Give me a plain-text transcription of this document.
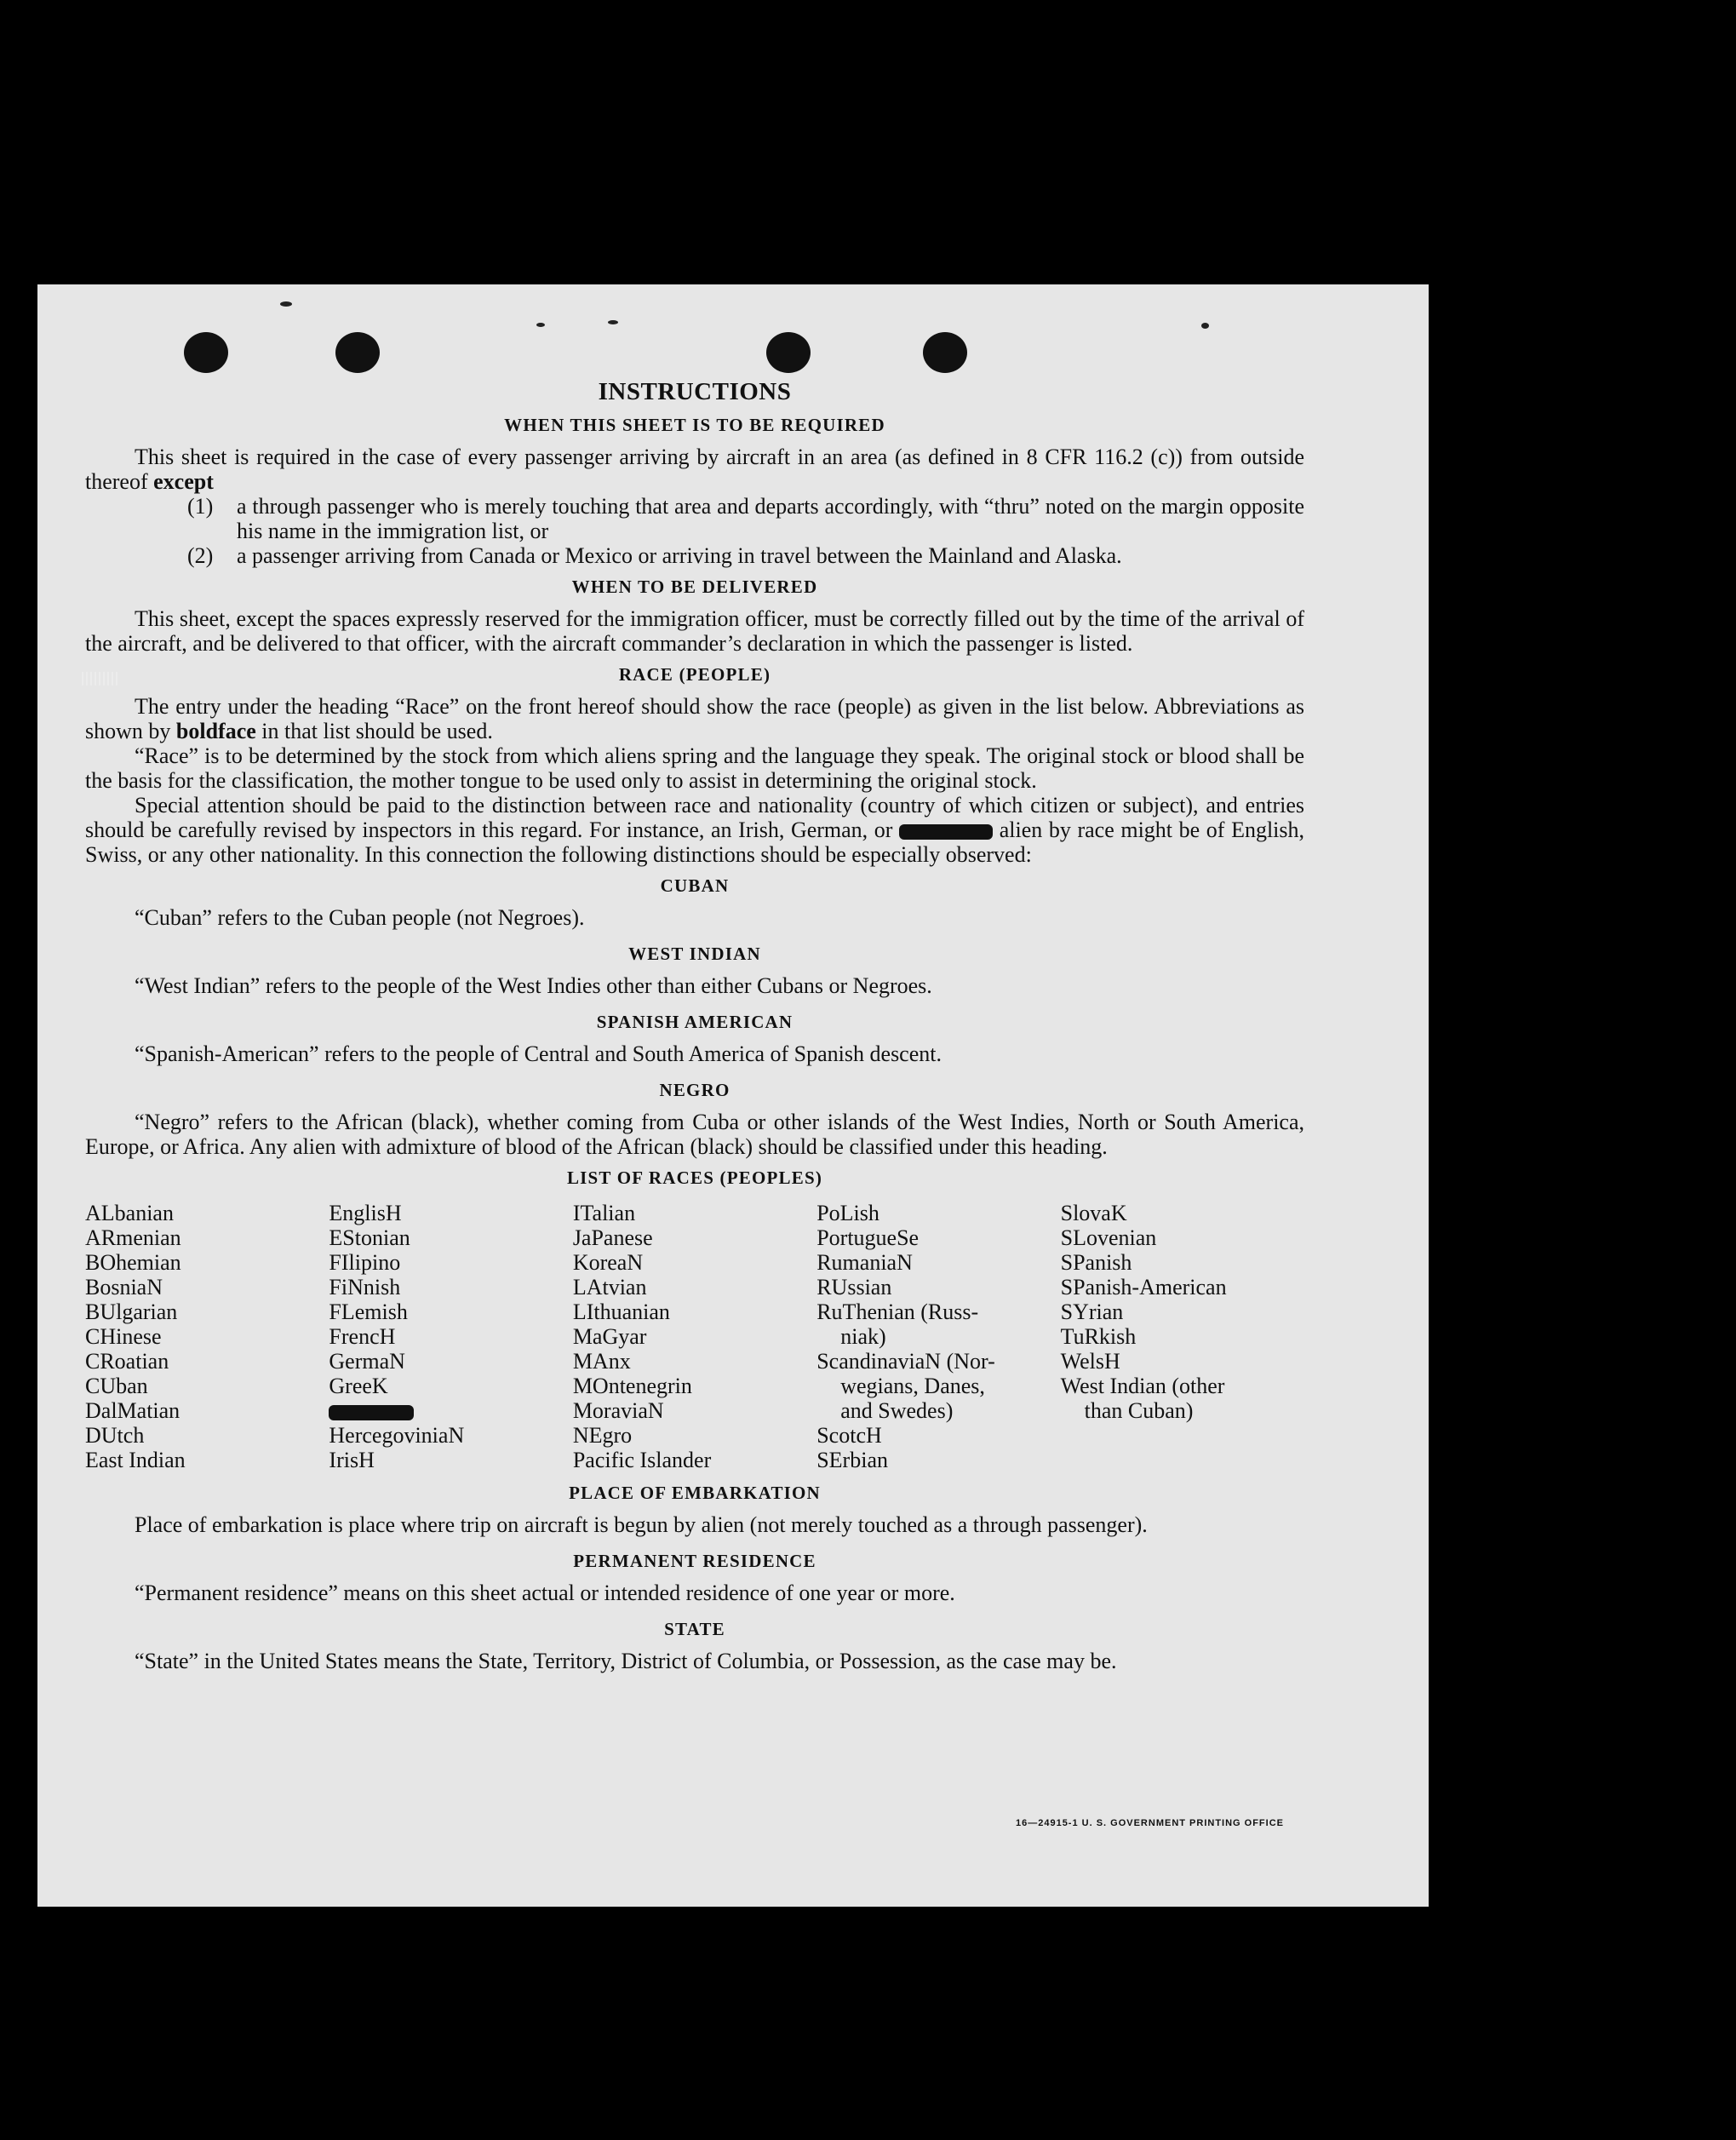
INSTRUCTIONS
WHEN THIS SHEET IS TO BE REQUIRED

This sheet is required in the case of every passenger arriving by aircraft in an area (as defined in 8 CFR 116.2 (c)) from outside thereof except

(1) a through passenger who is merely touching that area and departs accordingly, with “thru” noted on the margin opposite his name in the immigration list, or

(2) a passenger arriving from Canada or Mexico or arriving in travel between the Mainland and Alaska.

WHEN TO BE DELIVERED

This sheet, except the spaces expressly reserved for the immigration officer, must be correctly filled out by the time of the arrival of the aircraft, and be delivered to that officer, with the aircraft commander’s declaration in which the passenger is listed.

RACE (PEOPLE)

The entry under the heading “Race” on the front hereof should show the race (people) as given in the list below. Abbreviations as shown by boldface in that list should be used.

“Race” is to be determined by the stock from which aliens spring and the language they speak. The original stock or blood shall be the basis for the classification, the mother tongue to be used only to assist in determining the original stock.

Special attention should be paid to the distinction between race and nationality (country of which citizen or subject), and entries should be carefully revised by inspectors in this regard. For instance, an Irish, German, or	alien by race might be of English, Swiss, or any other nationality. In this connection the following distinctions should be especially observed:

CUBAN

“Cuban” refers to the Cuban people (not Negroes).

WEST INDIAN

“West Indian” refers to the people of the West Indies other than either Cubans or Negroes.

SPANISH AMERICAN

“Spanish-American” refers to the people of Central and South America of Spanish descent.

NEGRO

“Negro” refers to the African (black), whether coming from Cuba or other islands of the West Indies, North or South America, Europe, or Africa. Any alien with admixture of blood of the African (black) should be classified under this heading.

LIST OF RACES (PEOPLES)
ALbanian
ARmenian
BOhemian
BosniaN
BUlgarian
CHinese
CRoatian
CUban
DalMatian
DUtch
East Indian
EnglisH
EStonian
FIlipino
FiNnish
FLemish
FrencH
GermaN
GreeK
HercegoviniaN
IrisH
ITalian
JaPanese
KoreaN
LAtvian
LIthuanian
MaGyar
MAnx
MOntenegrin
MoraviaN
NEgro
Pacific Islander
PoLish
PortugueSe
RumaniaN
RUssian
RuThenian (Russ-
niak)
ScandinaviaN (Nor-
wegians, Danes,
and Swedes)
ScotcH
SErbian
SlovaK
SLovenian
SPanish
SPanish-American
SYrian
TuRkish
WelsH
West Indian (other
than Cuban)
PLACE OF EMBARKATION

Place of embarkation is place where trip on aircraft is begun by alien (not merely touched as a through passenger).

PERMANENT RESIDENCE

“Permanent residence” means on this sheet actual or intended residence of one year or more.

STATE

“State” in the United States means the State, Territory, District of Columbia, or Possession, as the case may be.

16—24915-1 U. S. GOVERNMENT PRINTING OFFICE
